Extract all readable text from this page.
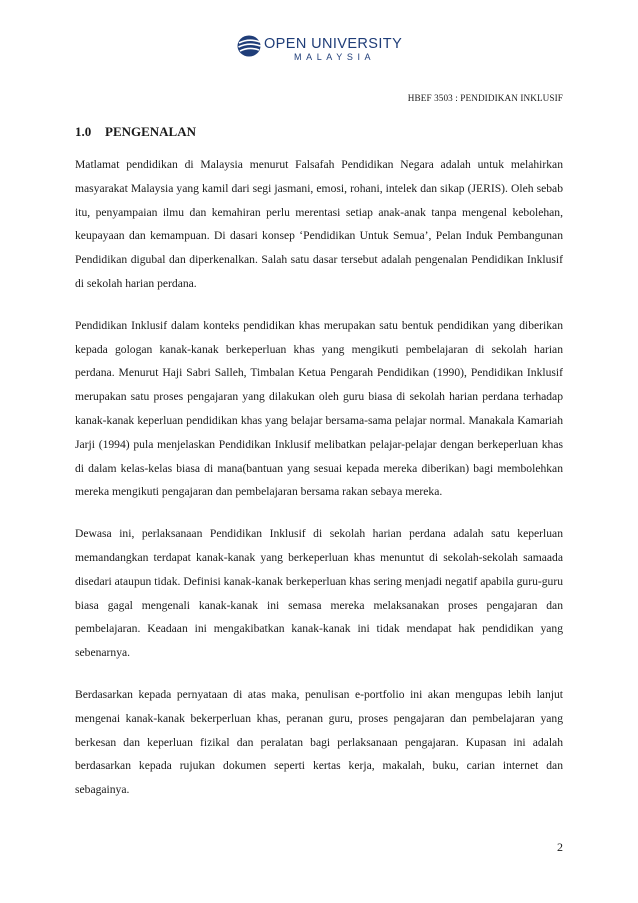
OPEN UNIVERSITY
MALAYSIA
HBEF 3503 : PENDIDIKAN INKLUSIF
1.0 PENGENALAN

Matlamat pendidikan di Malaysia menurut Falsafah Pendidikan Negara adalah untuk melahirkan masyarakat Malaysia yang kamil dari segi jasmani, emosi, rohani, intelek dan sikap (JERIS). Oleh sebab itu, penyampaian ilmu dan kemahiran perlu merentasi setiap anak-anak tanpa mengenal kebolehan, keupayaan dan kemampuan. Di dasari konsep ‘Pendidikan Untuk Semua’, Pelan Induk Pembangunan Pendidikan digubal dan diperkenalkan. Salah satu dasar tersebut adalah pengenalan Pendidikan Inklusif di sekolah harian perdana.

Pendidikan Inklusif dalam konteks pendidikan khas merupakan satu bentuk pendidikan yang diberikan kepada gologan kanak-kanak berkeperluan khas yang mengikuti pembelajaran di sekolah harian perdana. Menurut Haji Sabri Salleh, Timbalan Ketua Pengarah Pendidikan (1990), Pendidikan Inklusif merupakan satu proses pengajaran yang dilakukan oleh guru biasa di sekolah harian perdana terhadap kanak-kanak keperluan pendidikan khas yang belajar bersama-sama pelajar normal. Manakala Kamariah Jarji (1994) pula menjelaskan Pendidikan Inklusif melibatkan pelajar-pelajar dengan berkeperluan khas di dalam kelas-kelas biasa di mana(bantuan yang sesuai kepada mereka diberikan) bagi membolehkan mereka mengikuti pengajaran dan pembelajaran bersama rakan sebaya mereka.

Dewasa ini, perlaksanaan Pendidikan Inklusif di sekolah harian perdana adalah satu keperluan memandangkan terdapat kanak-kanak yang berkeperluan khas menuntut di sekolah-sekolah samaada disedari ataupun tidak. Definisi kanak-kanak berkeperluan khas sering menjadi negatif apabila guru-guru biasa gagal mengenali kanak-kanak ini semasa mereka melaksanakan proses pengajaran dan pembelajaran. Keadaan ini mengakibatkan kanak-kanak ini tidak mendapat hak pendidikan yang sebenarnya.

Berdasarkan kepada pernyataan di atas maka, penulisan e-portfolio ini akan mengupas lebih lanjut mengenai kanak-kanak bekerperluan khas, peranan guru, proses pengajaran dan pembelajaran yang berkesan dan keperluan fizikal dan peralatan bagi perlaksanaan pengajaran. Kupasan ini adalah berdasarkan kepada rujukan dokumen seperti kertas kerja, makalah, buku, carian internet dan sebagainya.

2
